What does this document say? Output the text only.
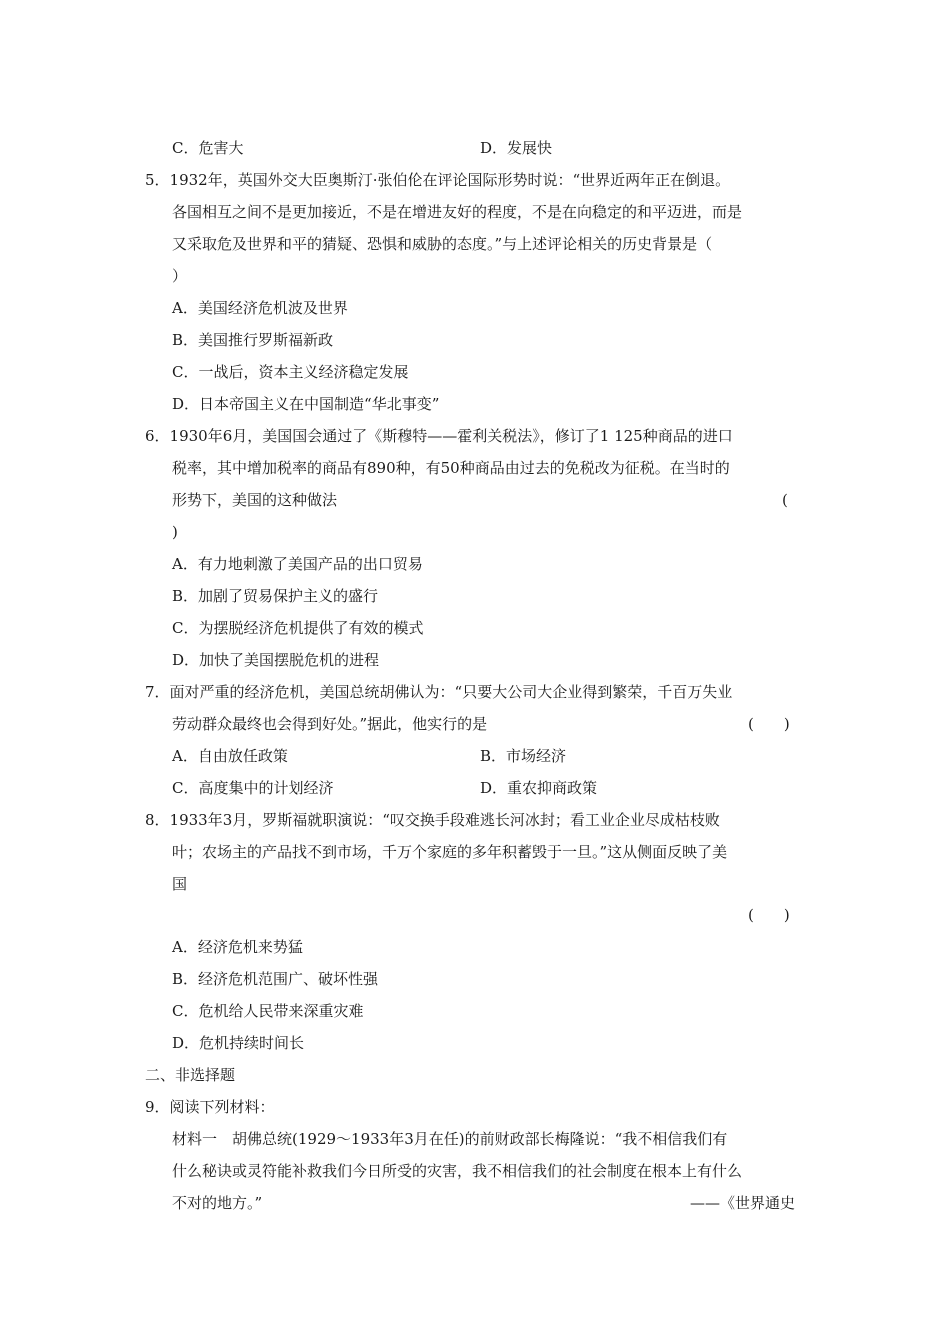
C．危害大	D．发展快
5．1932年，英国外交大臣奥斯汀·张伯伦在评论国际形势时说：“世界近两年正在倒退。
各国相互之间不是更加接近，不是在增进友好的程度，不是在向稳定的和平迈进，而是
又采取危及世界和平的猜疑、恐惧和威胁的态度。”与上述评论相关的历史背景是（
）
A．美国经济危机波及世界
B．美国推行罗斯福新政
C．一战后，资本主义经济稳定发展
D．日本帝国主义在中国制造“华北事变”
6．1930年6月，美国国会通过了《斯穆特——霍利关税法》，修订了1 125种商品的进口
税率，其中增加税率的商品有890种，有50种商品由过去的免税改为征税。在当时的
形势下，美国的这种做法	(
)
A．有力地刺激了美国产品的出口贸易
B．加剧了贸易保护主义的盛行
C．为摆脱经济危机提供了有效的模式
D．加快了美国摆脱危机的进程
7．面对严重的经济危机，美国总统胡佛认为：“只要大公司大企业得到繁荣，千百万失业
劳动群众最终也会得到好处。”据此，他实行的是	(　　)
A．自由放任政策	B．市场经济
C．高度集中的计划经济	D．重农抑商政策
8．1933年3月，罗斯福就职演说：“叹交换手段难逃长河冰封；看工业企业尽成枯枝败
叶；农场主的产品找不到市场，千万个家庭的多年积蓄毁于一旦。”这从侧面反映了美
国
(　　)
A．经济危机来势猛
B．经济危机范围广、破坏性强
C．危机给人民带来深重灾难
D．危机持续时间长
二、非选择题
9．阅读下列材料：
材料一　胡佛总统(1929～1933年3月在任)的前财政部长梅隆说：“我不相信我们有
什么秘诀或灵符能补救我们今日所受的灾害，我不相信我们的社会制度在根本上有什么
不对的地方。”	——《世界通史
